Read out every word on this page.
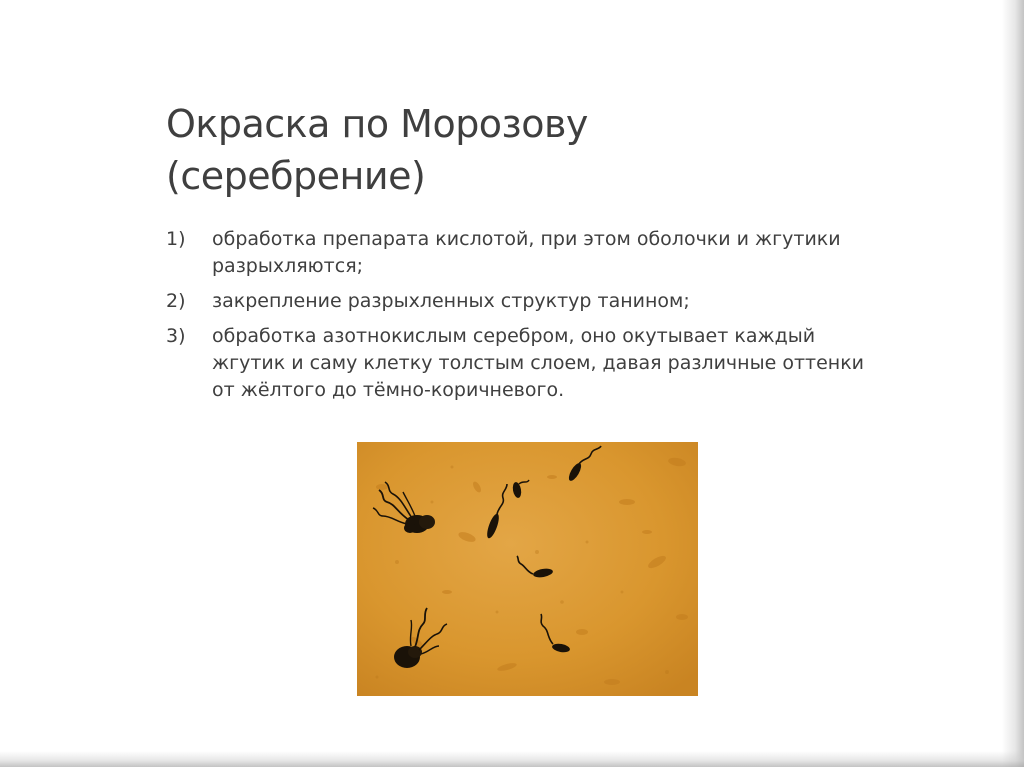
Окраска по Морозову
(серебрение)
1)	обработка препарата кислотой, при этом оболочки и жгутики разрыхляются;
2)	закрепление разрыхленных структур танином;
3)	обработка азотнокислым серебром, оно окутывает каждый жгутик и саму клетку толстым слоем, давая различные оттенки от жёлтого до тёмно-коричневого.
